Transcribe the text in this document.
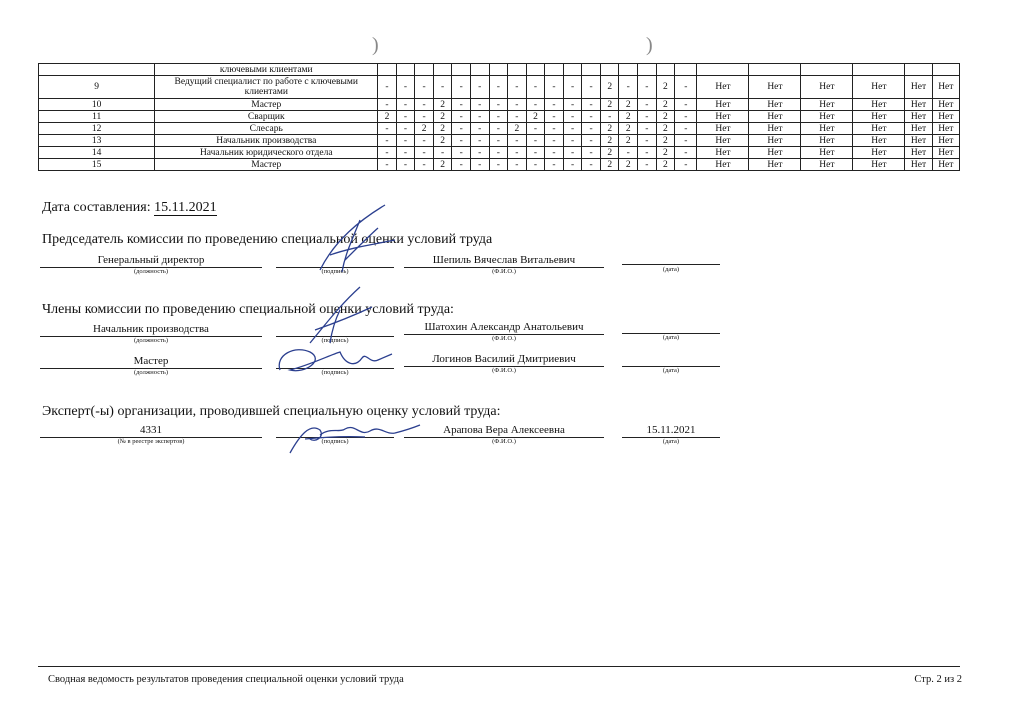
)	)
	ключевыми клиентами																							
9	Ведущий специалист по работе с ключевыми клиентами	-	-	-	-	-	-	-	-	-	-	-	-	2	-	-	2	-	Нет	Нет	Нет	Нет	Нет	Нет
10	Мастер	-	-	-	2	-	-	-	-	-	-	-	-	2	2	-	2	-	Нет	Нет	Нет	Нет	Нет	Нет
11	Сварщик	2	-	-	2	-	-	-	-	2	-	-	-	-	2	-	2	-	Нет	Нет	Нет	Нет	Нет	Нет
12	Слесарь	-	-	2	2	-	-	-	2	-	-	-	-	2	2	-	2	-	Нет	Нет	Нет	Нет	Нет	Нет
13	Начальник производства	-	-	-	2	-	-	-	-	-	-	-	-	2	2	-	2	-	Нет	Нет	Нет	Нет	Нет	Нет
14	Начальник юридического отдела	-	-	-	-	-	-	-	-	-	-	-	-	2	-	-	2	-	Нет	Нет	Нет	Нет	Нет	Нет
15	Мастер	-	-	-	2	-	-	-	-	-	-	-	-	2	2	-	2	-	Нет	Нет	Нет	Нет	Нет	Нет
Дата составления: 15.11.2021
Председатель комиссии по проведению специальной оценки условий труда
Генеральный директор	Шепиль Вячеслав Витальевич
(должность)	(подпись)	(Ф.И.О.)	(дата)
Члены комиссии по проведению специальной оценки условий труда:
Начальник производства	Шатохин Александр Анатольевич
(должность)	(подпись)	(Ф.И.О.)	(дата)
Мастер	Логинов Василий Дмитриевич
(должность)	(подпись)	(Ф.И.О.)	(дата)
Эксперт(-ы) организации, проводившей специальную оценку условий труда:
4331	Арапова Вера Алексеевна	15.11.2021
(№ в реестре экспертов)	(подпись)	(Ф.И.О.)	(дата)
Сводная ведомость результатов проведения специальной оценки условий труда	Стр. 2 из 2
